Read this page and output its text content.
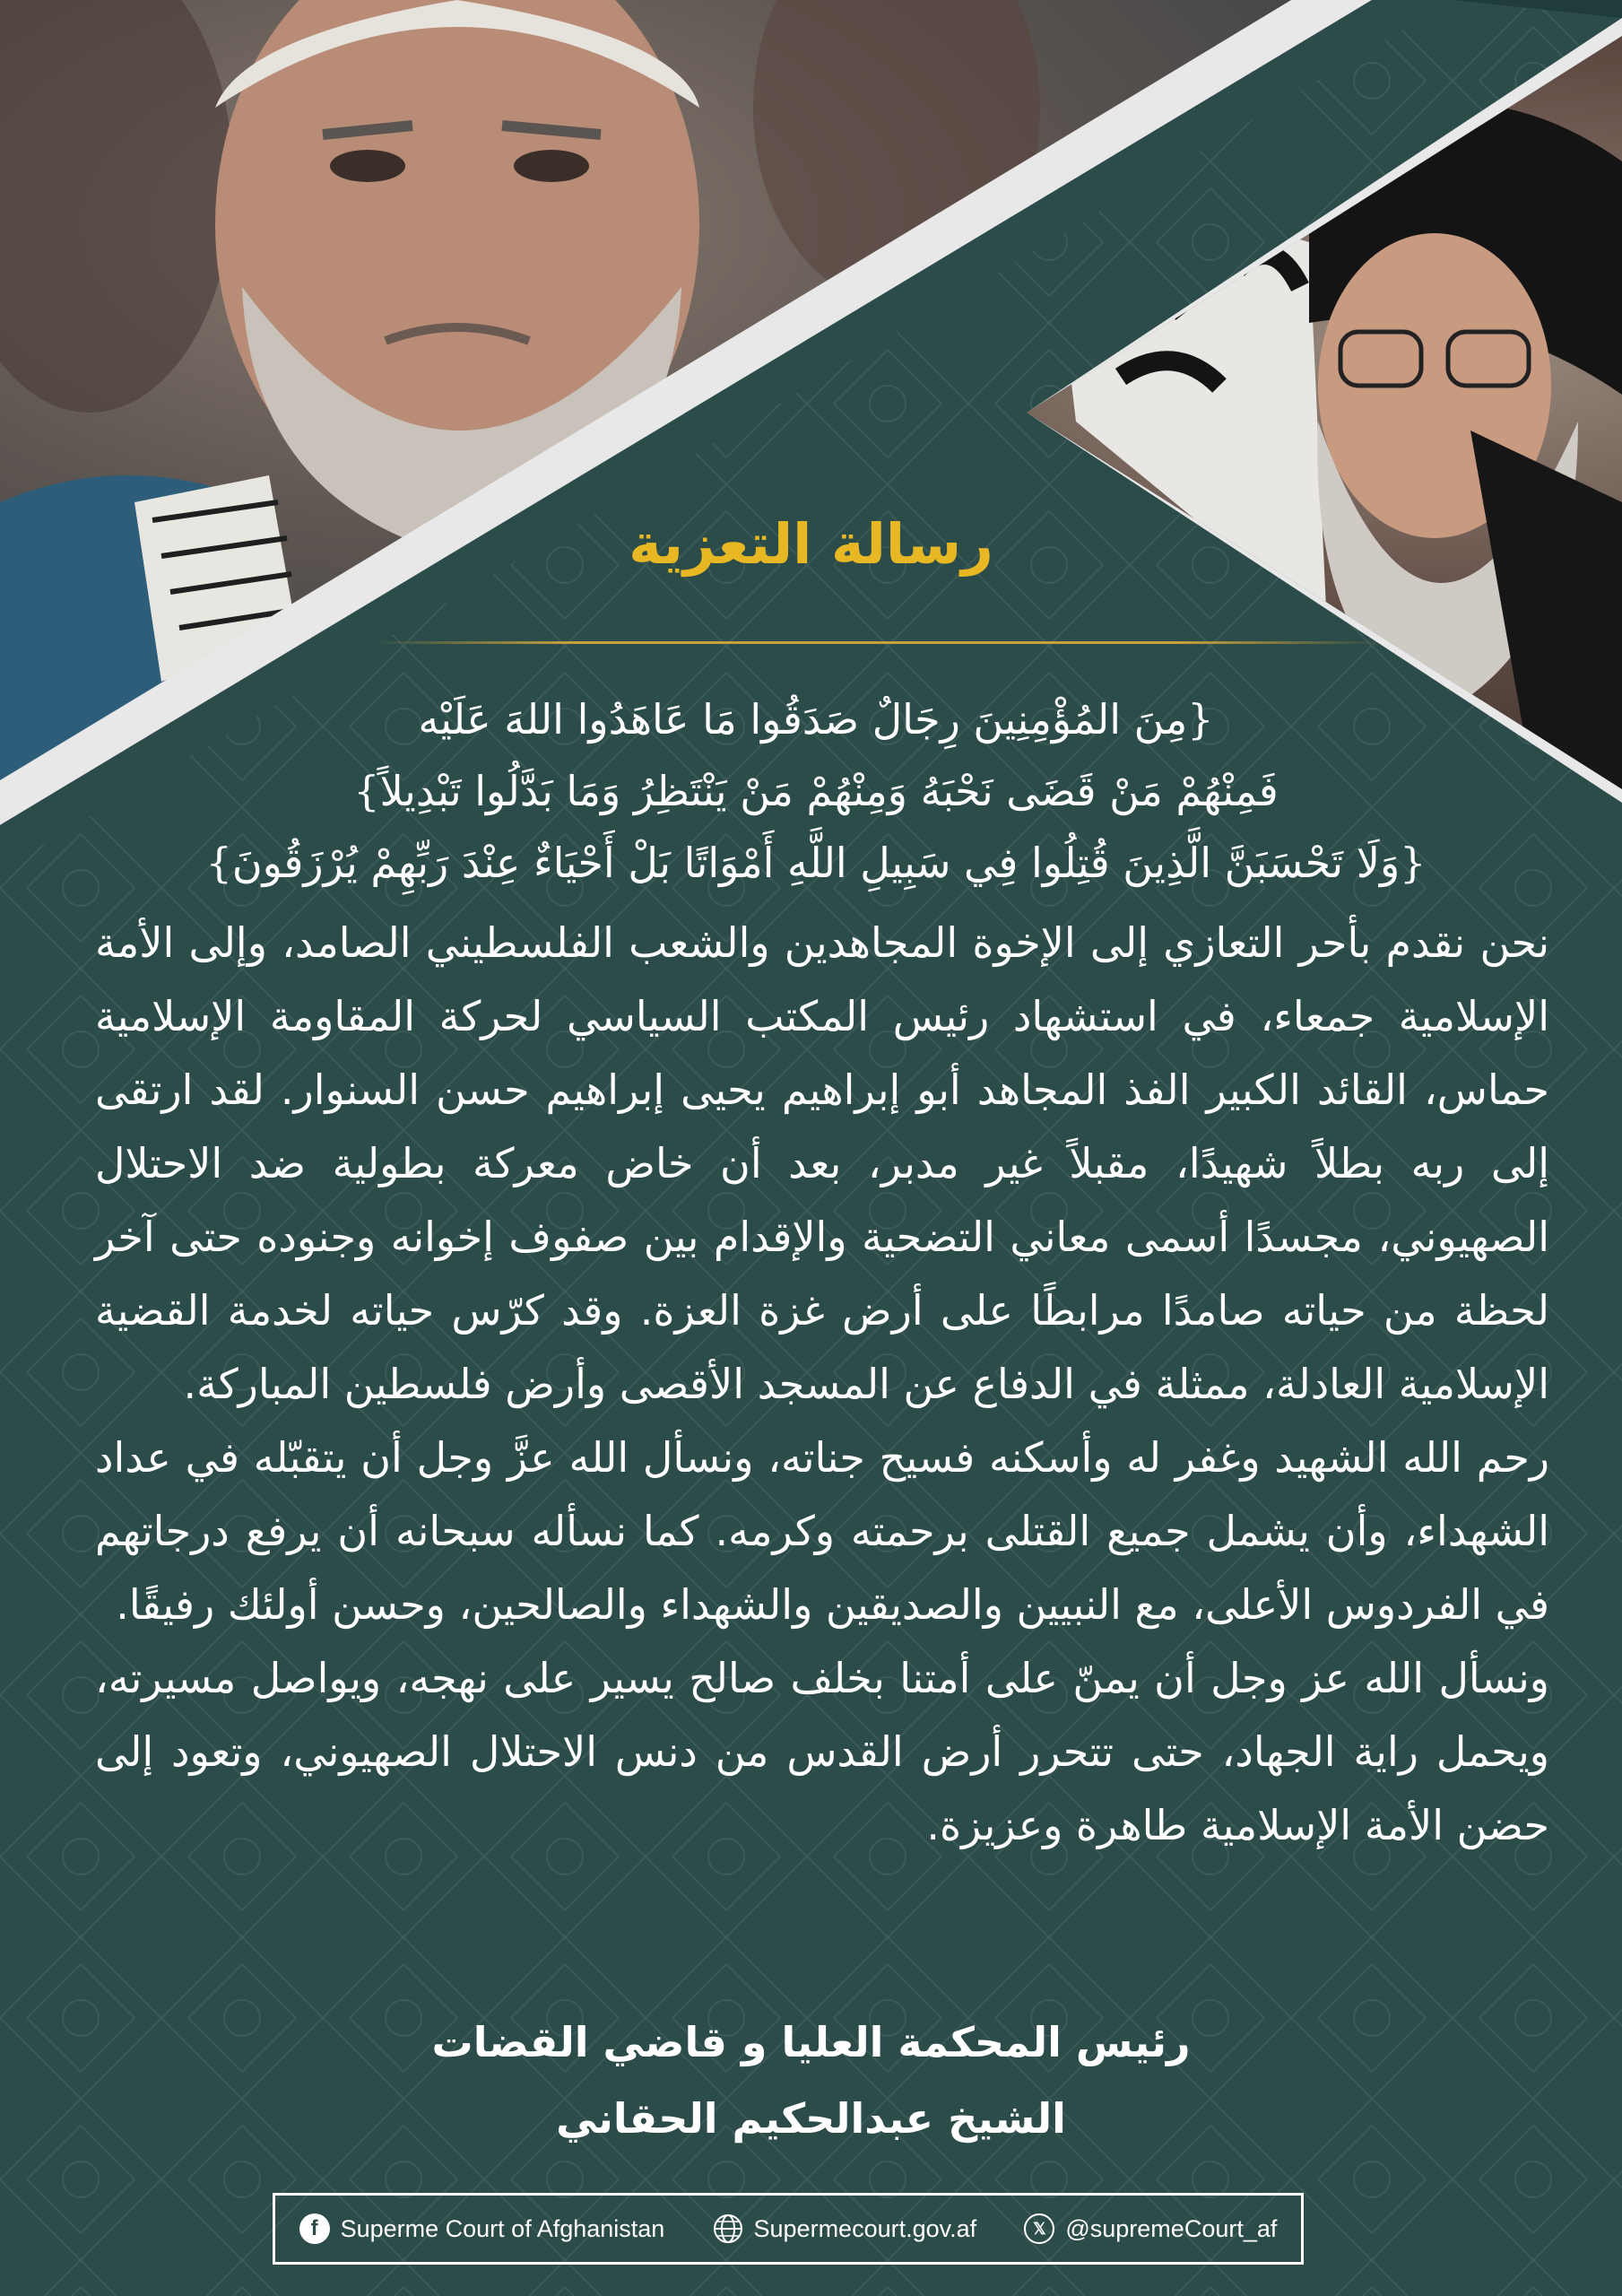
رسالة التعزية
{مِنَ المُؤْمِنِينَ رِجَالٌ صَدَقُوا مَا عَاهَدُوا اللهَ عَلَيْه
فَمِنْهُمْ مَنْ قَضَى نَحْبَهُ وَمِنْهُمْ مَنْ يَنْتَظِرُ وَمَا بَدَّلُوا تَبْدِيلاً}
{وَلَا تَحْسَبَنَّ الَّذِينَ قُتِلُوا فِي سَبِيلِ اللَّهِ أَمْوَاتًا بَلْ أَحْيَاءٌ عِنْدَ رَبِّهِمْ يُرْزَقُونَ}

نحن نقدم بأحر التعازي إلى الإخوة المجاهدين والشعب الفلسطيني الصامد، وإلى الأمة الإسلامية جمعاء، في استشهاد رئيس المكتب السياسي لحركة المقاومة الإسلامية حماس، القائد الكبير الفذ المجاهد أبو إبراهيم يحيى إبراهيم حسن السنوار. لقد ارتقى إلى ربه بطلاً شهيدًا، مقبلاً غير مدبر، بعد أن خاض معركة بطولية ضد الاحتلال الصهيوني، مجسدًا أسمى معاني التضحية والإقدام بين صفوف إخوانه وجنوده حتى آخر لحظة من حياته صامدًا مرابطًا على أرض غزة العزة. وقد كرّس حياته لخدمة القضية الإسلامية العادلة، ممثلة في الدفاع عن المسجد الأقصى وأرض فلسطين المباركة.

رحم الله الشهيد وغفر له وأسكنه فسيح جناته، ونسأل الله عزَّ وجل أن يتقبّله في عداد الشهداء، وأن يشمل جميع القتلى برحمته وكرمه. كما نسأله سبحانه أن يرفع درجاتهم في الفردوس الأعلى، مع النبيين والصديقين والشهداء والصالحين، وحسن أولئك رفيقًا.

ونسأل الله عز وجل أن يمنّ على أمتنا بخلف صالح يسير على نهجه، ويواصل مسيرته، ويحمل راية الجهاد، حتى تتحرر أرض القدس من دنس الاحتلال الصهيوني، وتعود إلى حضن الأمة الإسلامية طاهرة وعزيزة.

رئيس المحكمة العليا و قاضي القضات
الشيخ عبدالحكيم الحقاني
f Superme Court of Afghanistan	Supermecourt.gov.af	𝕏 @supremeCourt_af
